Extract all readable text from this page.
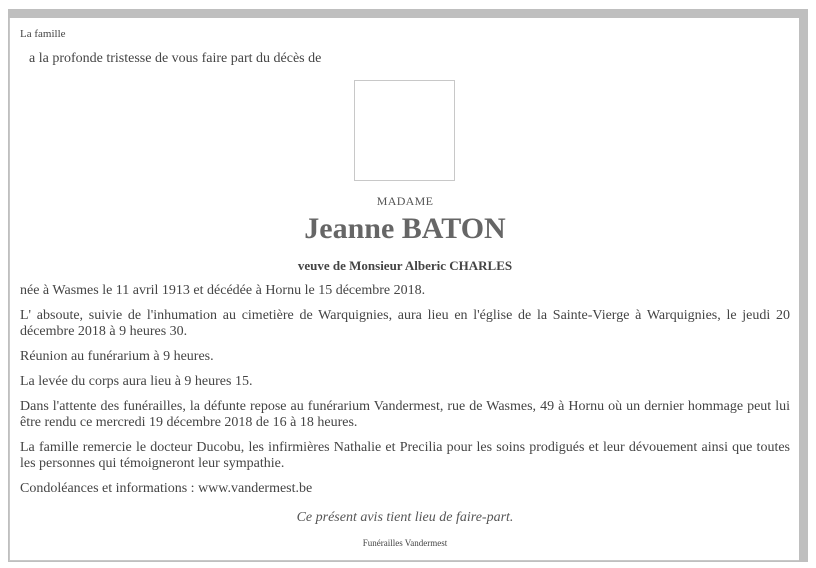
La famille
a la profonde tristesse de vous faire part du décès de
MADAME
Jeanne BATON
veuve de Monsieur Alberic CHARLES

née à Wasmes le 11 avril 1913 et décédée à Hornu le 15 décembre 2018.

L' absoute, suivie de l'inhumation au cimetière de Warquignies, aura lieu en l'église de la Sainte-Vierge à Warquignies, le jeudi 20 décembre 2018 à 9 heures 30.

Réunion au funérarium à 9 heures.

La levée du corps aura lieu à 9 heures 15.

Dans l'attente des funérailles, la défunte repose au funérarium Vandermest, rue de Wasmes, 49 à Hornu où un dernier hommage peut lui être rendu ce mercredi 19 décembre 2018 de 16 à 18 heures.

La famille remercie le docteur Ducobu, les infirmières Nathalie et Precilia pour les soins prodigués et leur dévouement ainsi que toutes les personnes qui témoigneront leur sympathie.

Condoléances et informations : www.vandermest.be

Ce présent avis tient lieu de faire-part.
Funérailles Vandermest
